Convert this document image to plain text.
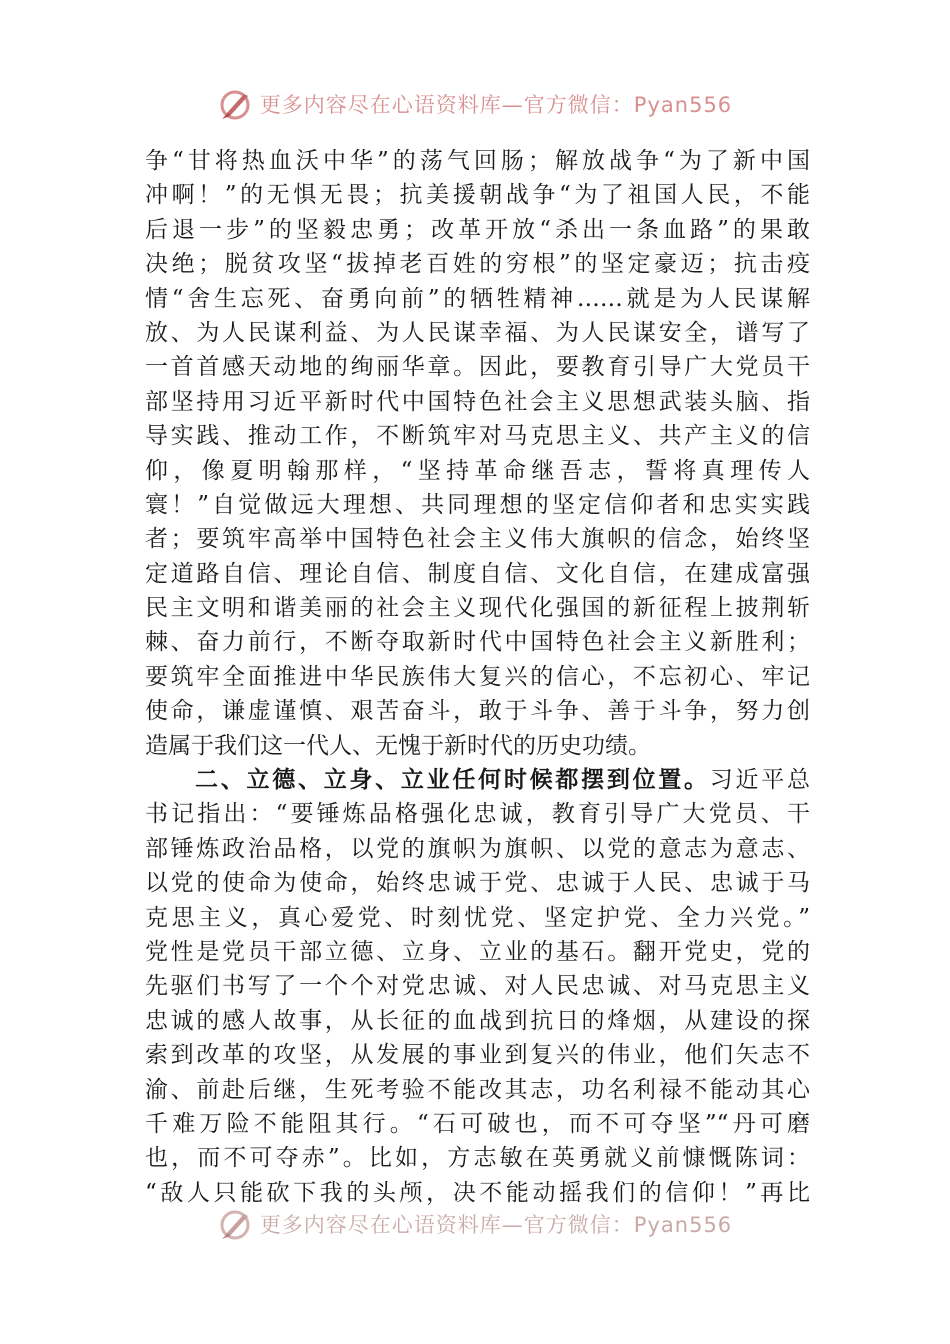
更多内容尽在心语资料库—官方微信：Pyan556
争“甘将热血沃中华”的荡气回肠；解放战争“为了新中国
冲啊！”的无惧无畏；抗美援朝战争“为了祖国人民，不能
后退一步”的坚毅忠勇；改革开放“杀出一条血路”的果敢
决绝；脱贫攻坚“拔掉老百姓的穷根”的坚定豪迈；抗击疫
情“舍生忘死、奋勇向前”的牺牲精神……就是为人民谋解
放、为人民谋利益、为人民谋幸福、为人民谋安全，谱写了
一首首感天动地的绚丽华章。因此，要教育引导广大党员干
部坚持用习近平新时代中国特色社会主义思想武装头脑、指
导实践、推动工作，不断筑牢对马克思主义、共产主义的信
仰，像夏明翰那样，“坚持革命继吾志，誓将真理传人
寰！”自觉做远大理想、共同理想的坚定信仰者和忠实实践
者；要筑牢高举中国特色社会主义伟大旗帜的信念，始终坚
定道路自信、理论自信、制度自信、文化自信，在建成富强
民主文明和谐美丽的社会主义现代化强国的新征程上披荆斩
棘、奋力前行，不断夺取新时代中国特色社会主义新胜利；
要筑牢全面推进中华民族伟大复兴的信心，不忘初心、牢记
使命，谦虚谨慎、艰苦奋斗，敢于斗争、善于斗争，努力创
造属于我们这一代人、无愧于新时代的历史功绩。
二、立德、立身、立业任何时候都摆到位置。习近平总
书记指出：“要锤炼品格强化忠诚，教育引导广大党员、干
部锤炼政治品格，以党的旗帜为旗帜、以党的意志为意志、
以党的使命为使命，始终忠诚于党、忠诚于人民、忠诚于马
克思主义，真心爱党、时刻忧党、坚定护党、全力兴党。”
党性是党员干部立德、立身、立业的基石。翻开党史，党的
先驱们书写了一个个对党忠诚、对人民忠诚、对马克思主义
忠诚的感人故事，从长征的血战到抗日的烽烟，从建设的探
索到改革的攻坚，从发展的事业到复兴的伟业，他们矢志不
渝、前赴后继，生死考验不能改其志，功名利禄不能动其心
千难万险不能阻其行。“石可破也，而不可夺坚”“丹可磨
也，而不可夺赤”。比如，方志敏在英勇就义前慷慨陈词：
“敌人只能砍下我的头颅，决不能动摇我们的信仰！”再比
更多内容尽在心语资料库—官方微信：Pyan556
